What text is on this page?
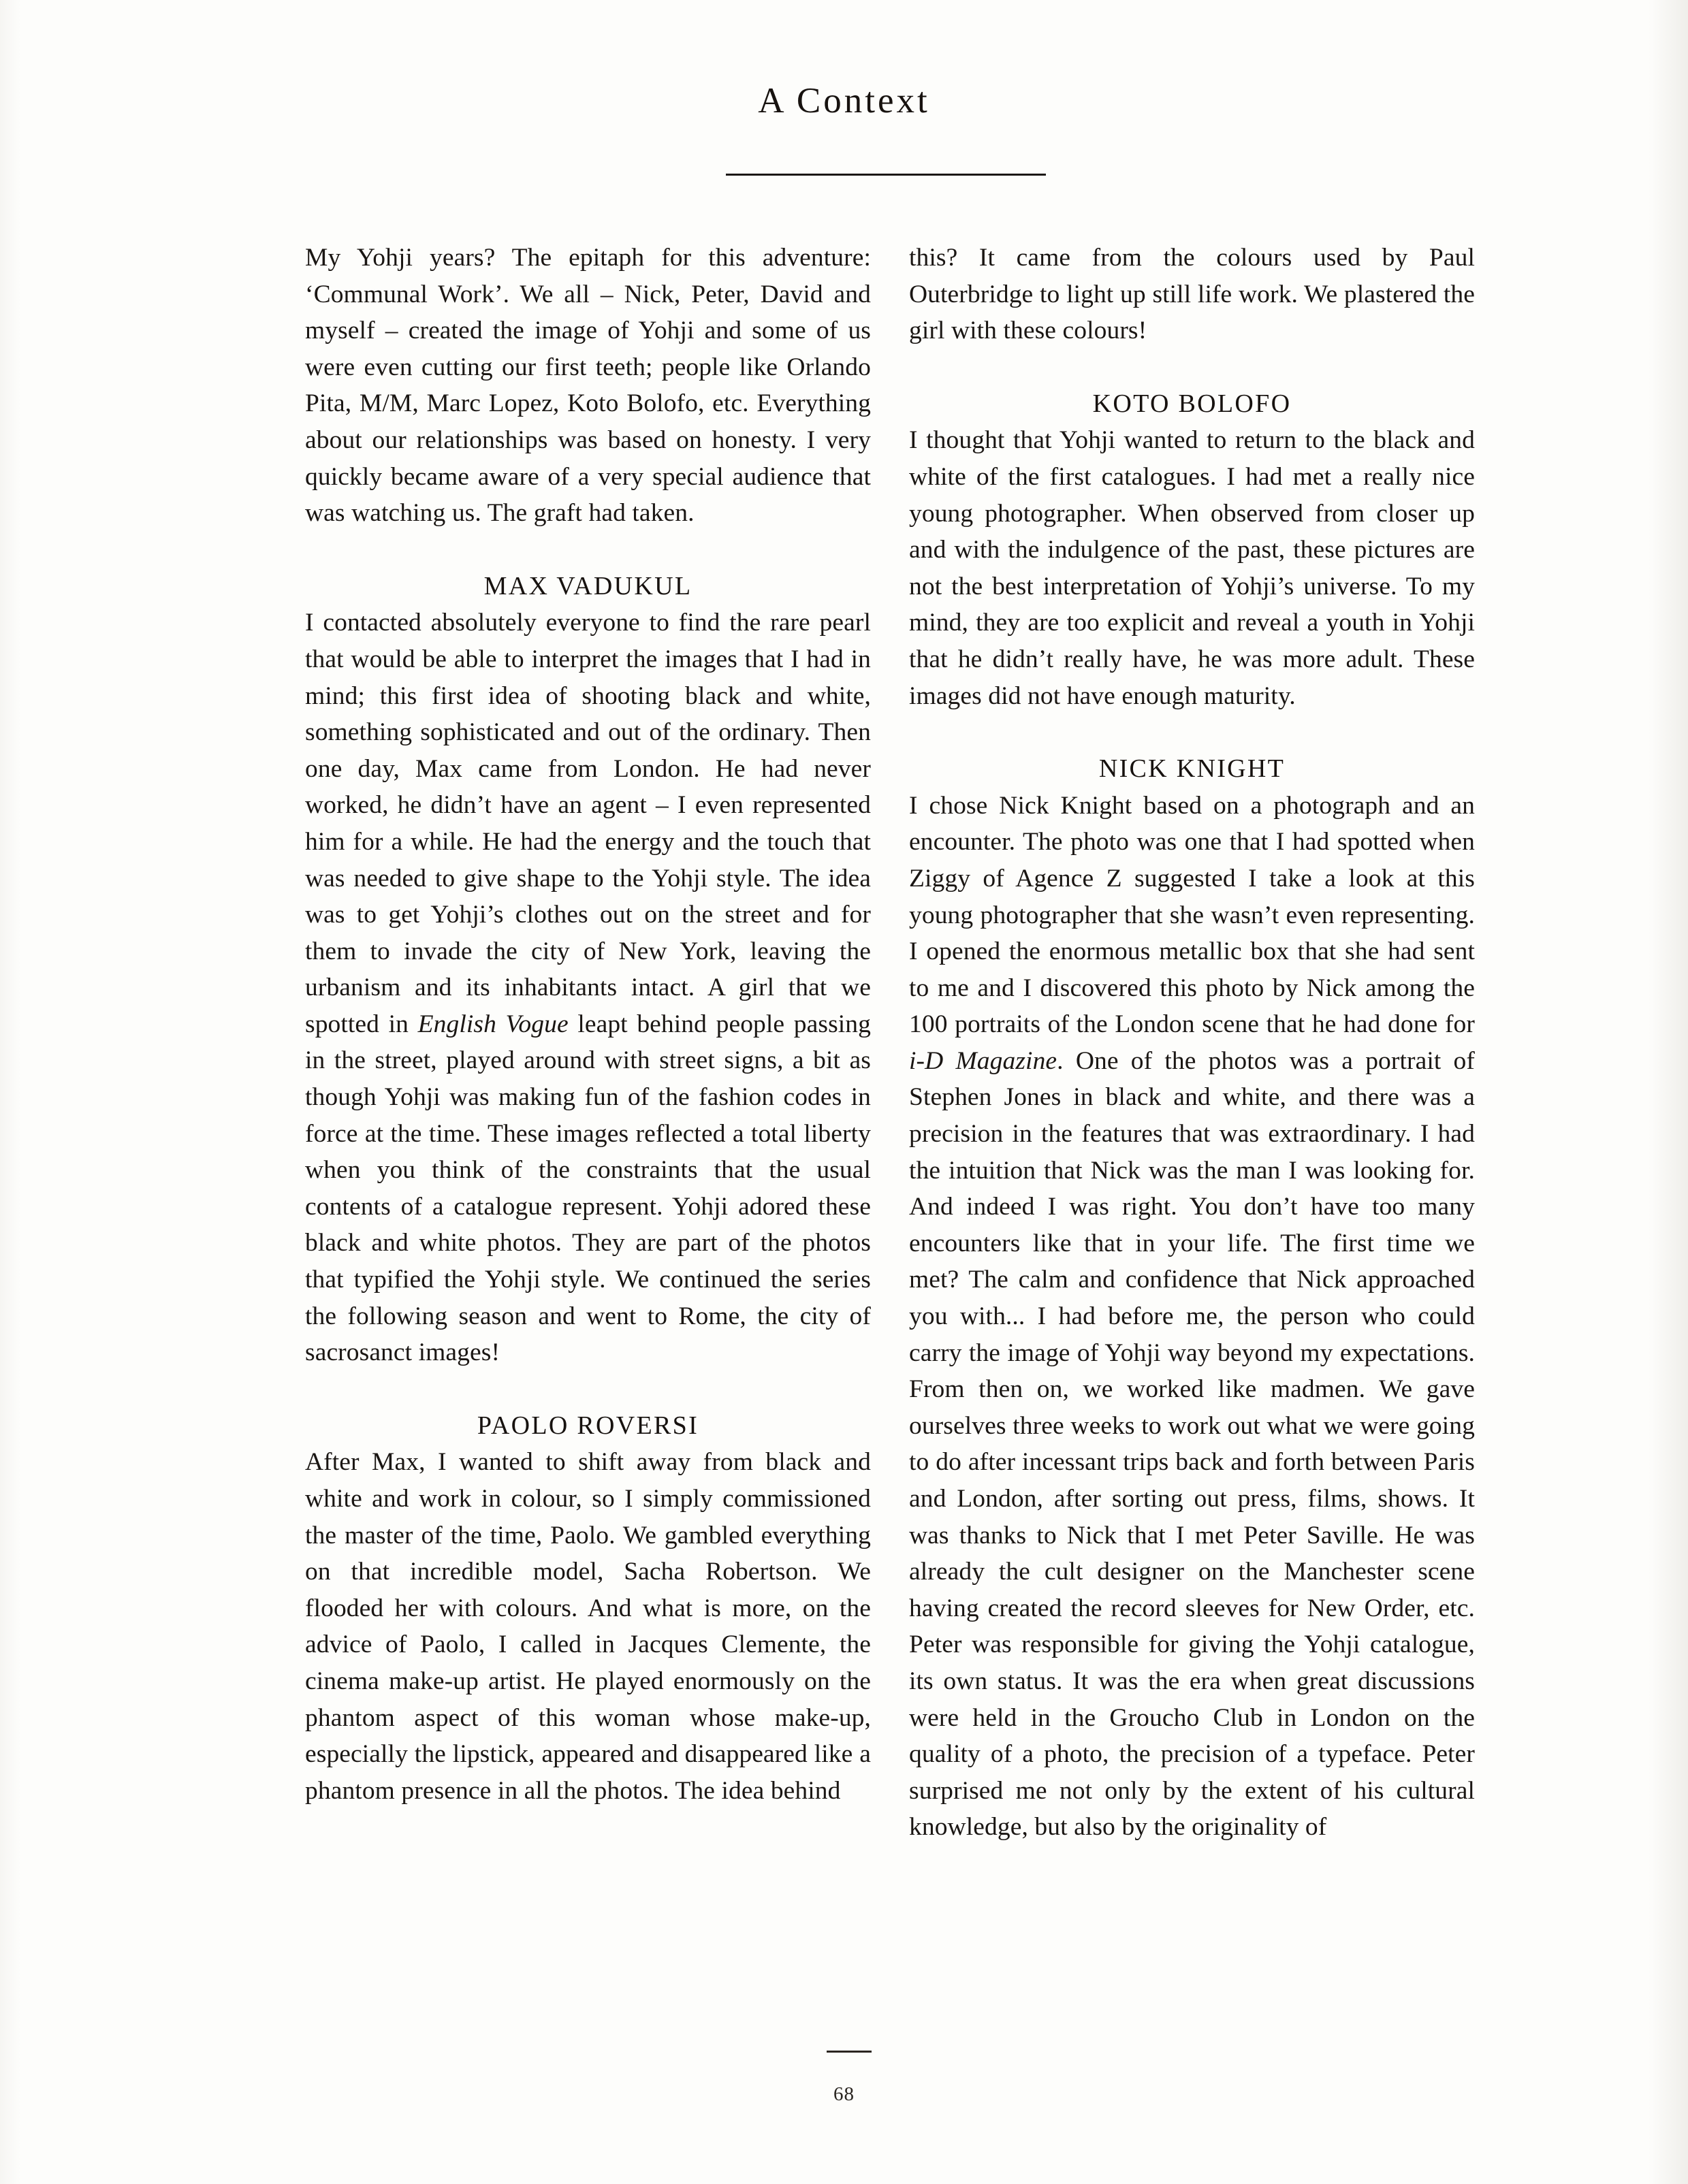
A Context

My Yohji years? The epitaph for this adventure: ‘Communal Work’. We all – Nick, Peter, David and myself – created the image of Yohji and some of us were even cutting our first teeth; people like Orlando Pita, M/M, Marc Lopez, Koto Bolofo, etc. Everything about our relationships was based on honesty. I very quickly became aware of a very special audience that was watching us. The graft had taken.

MAX VADUKUL

I contacted absolutely everyone to find the rare pearl that would be able to interpret the images that I had in mind; this first idea of shooting black and white, something sophisticated and out of the ordinary. Then one day, Max came from London. He had never worked, he didn’t have an agent – I even represented him for a while. He had the energy and the touch that was needed to give shape to the Yohji style. The idea was to get Yohji’s clothes out on the street and for them to invade the city of New York, leaving the urbanism and its inhabitants intact. A girl that we spotted in English Vogue leapt behind people passing in the street, played around with street signs, a bit as though Yohji was making fun of the fashion codes in force at the time. These images reflected a total liberty when you think of the constraints that the usual contents of a catalogue represent. Yohji adored these black and white photos. They are part of the photos that typified the Yohji style. We continued the series the following season and went to Rome, the city of sacrosanct images!

PAOLO ROVERSI

After Max, I wanted to shift away from black and white and work in colour, so I simply commissioned the master of the time, Paolo. We gambled everything on that incredible model, Sacha Robertson. We flooded her with colours. And what is more, on the advice of Paolo, I called in Jacques Clemente, the cinema make-up artist. He played enormously on the phantom aspect of this woman whose make-up, especially the lipstick, appeared and disappeared like a phantom presence in all the photos. The idea behind

this? It came from the colours used by Paul Outerbridge to light up still life work. We plastered the girl with these colours!

KOTO BOLOFO

I thought that Yohji wanted to return to the black and white of the first catalogues. I had met a really nice young photographer. When observed from closer up and with the indulgence of the past, these pictures are not the best interpretation of Yohji’s universe. To my mind, they are too explicit and reveal a youth in Yohji that he didn’t really have, he was more adult. These images did not have enough maturity.

NICK KNIGHT

I chose Nick Knight based on a photograph and an encounter. The photo was one that I had spotted when Ziggy of Agence Z suggested I take a look at this young photographer that she wasn’t even representing. I opened the enormous metallic box that she had sent to me and I discovered this photo by Nick among the 100 portraits of the London scene that he had done for i-D Magazine. One of the photos was a portrait of Stephen Jones in black and white, and there was a precision in the features that was extraordinary. I had the intuition that Nick was the man I was looking for. And indeed I was right. You don’t have too many encounters like that in your life. The first time we met? The calm and confidence that Nick approached you with... I had before me, the person who could carry the image of Yohji way beyond my expectations. From then on, we worked like madmen. We gave ourselves three weeks to work out what we were going to do after incessant trips back and forth between Paris and London, after sorting out press, films, shows. It was thanks to Nick that I met Peter Saville. He was already the cult designer on the Manchester scene having created the record sleeves for New Order, etc. Peter was responsible for giving the Yohji catalogue, its own status. It was the era when great discussions were held in the Groucho Club in London on the quality of a photo, the precision of a typeface. Peter surprised me not only by the extent of his cultural knowledge, but also by the originality of

68
